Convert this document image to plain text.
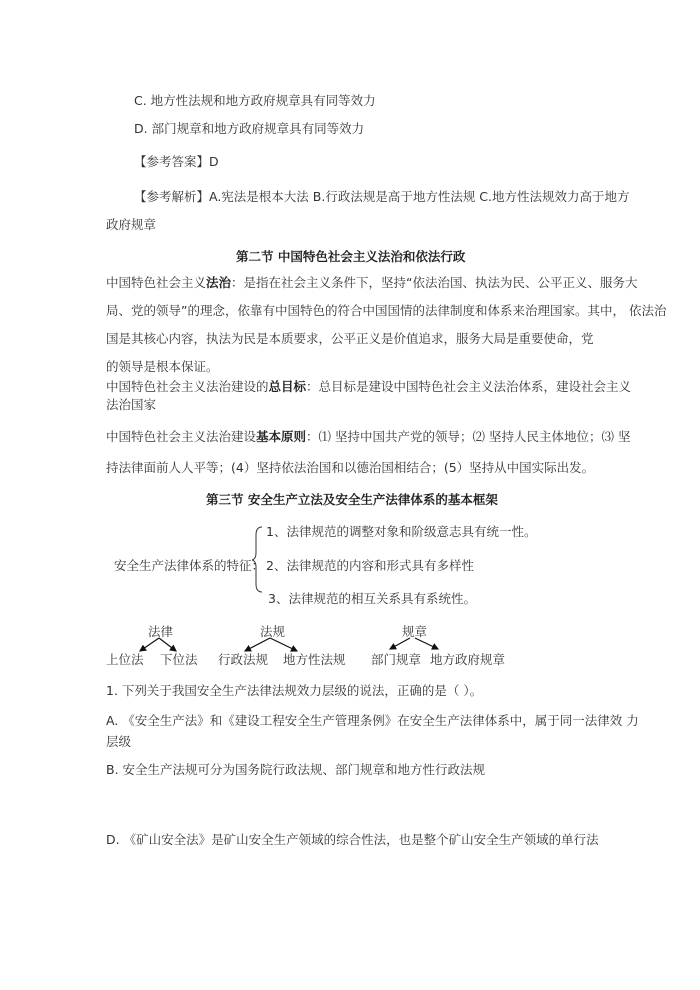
C. 地方性法规和地方政府规章具有同等效力
D. 部门规章和地方政府规章具有同等效力
【参考答案】D
【参考解析】A.宪法是根本大法 B.行政法规是高于地方性法规 C.地方性法规效力高于地方
政府规章
第二节 中国特色社会主义法治和依法行政
中国特色社会主义法治：是指在社会主义条件下，坚持“依法治国、执法为民、公平正义、服务大
局、党的领导”的理念，依靠有中国特色的符合中国国情的法律制度和体系来治理国家。其中， 依法治
国是其核心内容，执法为民是本质要求，公平正义是价值追求，服务大局是重要使命，党
的领导是根本保证。
中国特色社会主义法治建设的总目标：总目标是建设中国特色社会主义法治体系，建设社会主义
法治国家
中国特色社会主义法治建设基本原则：⑴ 坚持中国共产党的领导；⑵ 坚持人民主体地位；⑶ 坚
持法律面前人人平等；(4）坚持依法治国和以德治国相结合；(5）坚持从中国实际出发。
第三节 安全生产立法及安全生产法律体系的基本框架
安全生产法律体系的特征：
1、法律规范的调整对象和阶级意志具有统一性。
2、法律规范的内容和形式具有多样性
3、法律规范的相互关系具有系统性。
法律
上位法 下位法
法规
行政法规 地方性法规
规章
部门规章 地方政府规章
1. 下列关于我国安全生产法律法规效力层级的说法，正确的是（ ）。
A. 《安全生产法》和《建设工程安全生产管理条例》在安全生产法律体系中，属于同一法律效 力
层级
B. 安全生产法规可分为国务院行政法规、部门规章和地方性行政法规
D. 《矿山安全法》是矿山安全生产领域的综合性法，也是整个矿山安全生产领域的单行法
